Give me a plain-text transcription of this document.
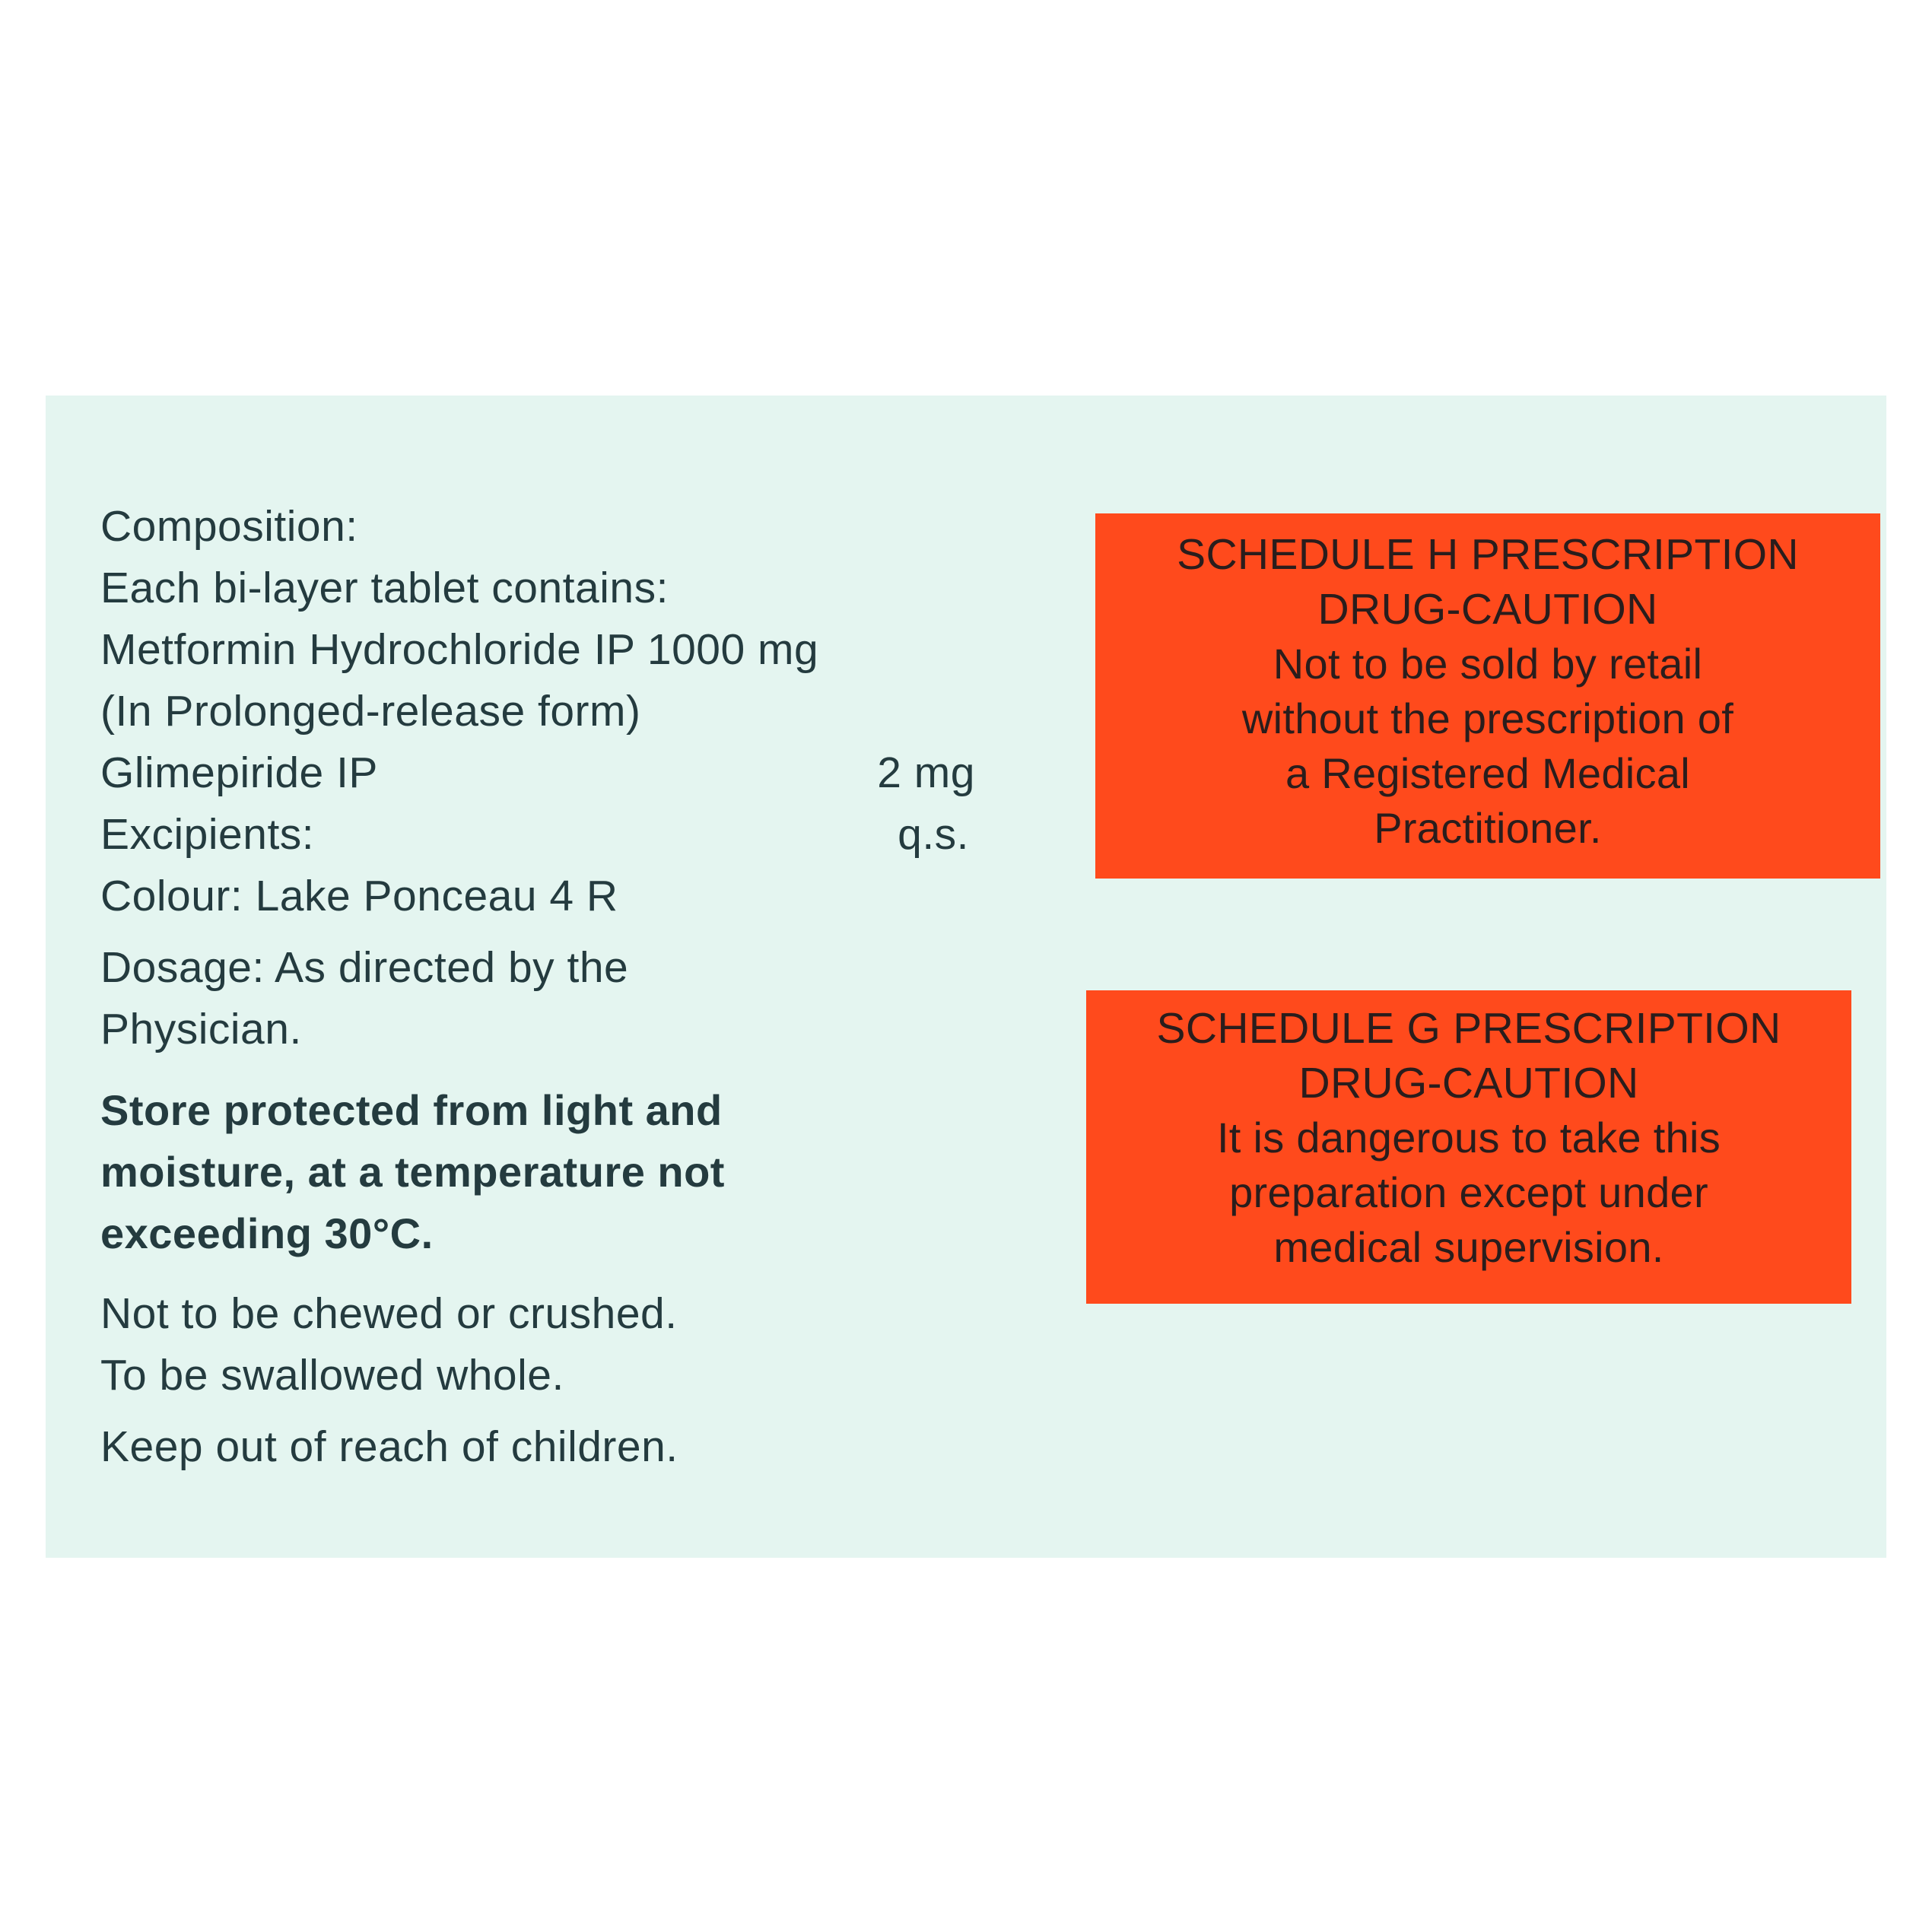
Composition:
Each bi-layer tablet contains:
Metformin Hydrochloride IP 1000 mg
(In Prolonged-release form)
Glimepiride IP	2 mg
Excipients:	q.s.
Colour: Lake Ponceau 4 R
Dosage: As directed by the
Physician.
Store protected from light and
moisture, at a temperature not
exceeding 30°C.
Not to be chewed or crushed.
To be swallowed whole.
Keep out of reach of children.
SCHEDULE H PRESCRIPTION
DRUG-CAUTION
Not to be sold by retail
without the prescription of
a Registered Medical
Practitioner.
SCHEDULE G PRESCRIPTION
DRUG-CAUTION
It is dangerous to take this
preparation except under
medical supervision.
